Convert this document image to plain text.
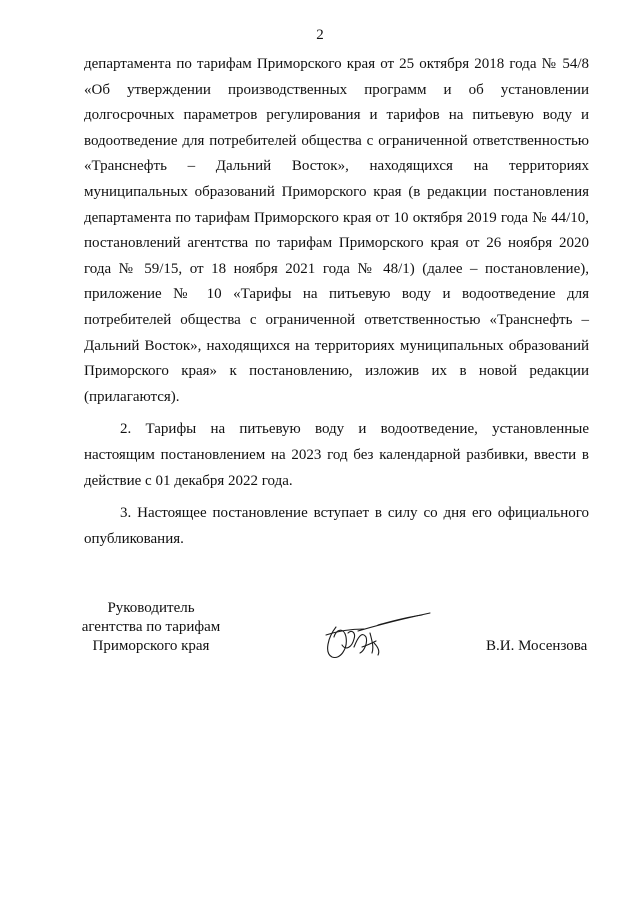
2

департамента по тарифам Приморского края от 25 октября 2018 года № 54/8 «Об утверждении производственных программ и об установлении долгосрочных параметров регулирования и тарифов на питьевую воду и водоотведение для потребителей общества с ограниченной ответственностью «Транснефть – Дальний Восток», находящихся на территориях муниципальных образований Приморского края (в редакции постановления департамента по тарифам Приморского края от 10 октября 2019 года № 44/10, постановлений агентства по тарифам Приморского края от 26 ноября 2020 года № 59/15, от 18 ноября 2021 года № 48/1) (далее – постановление), приложение № 10 «Тарифы на питьевую воду и водоотведение для потребителей общества с ограниченной ответственностью «Транснефть – Дальний Восток», находящихся на территориях муниципальных образований Приморского края» к постановлению, изложив их в новой редакции (прилагаются).

2. Тарифы на питьевую воду и водоотведение, установленные настоящим постановлением на 2023 год без календарной разбивки, ввести в действие с 01 декабря 2022 года.

3. Настоящее постановление вступает в силу со дня его официального опубликования.

Руководитель
агентства по тарифам
Приморского края	В.И. Мосензова
